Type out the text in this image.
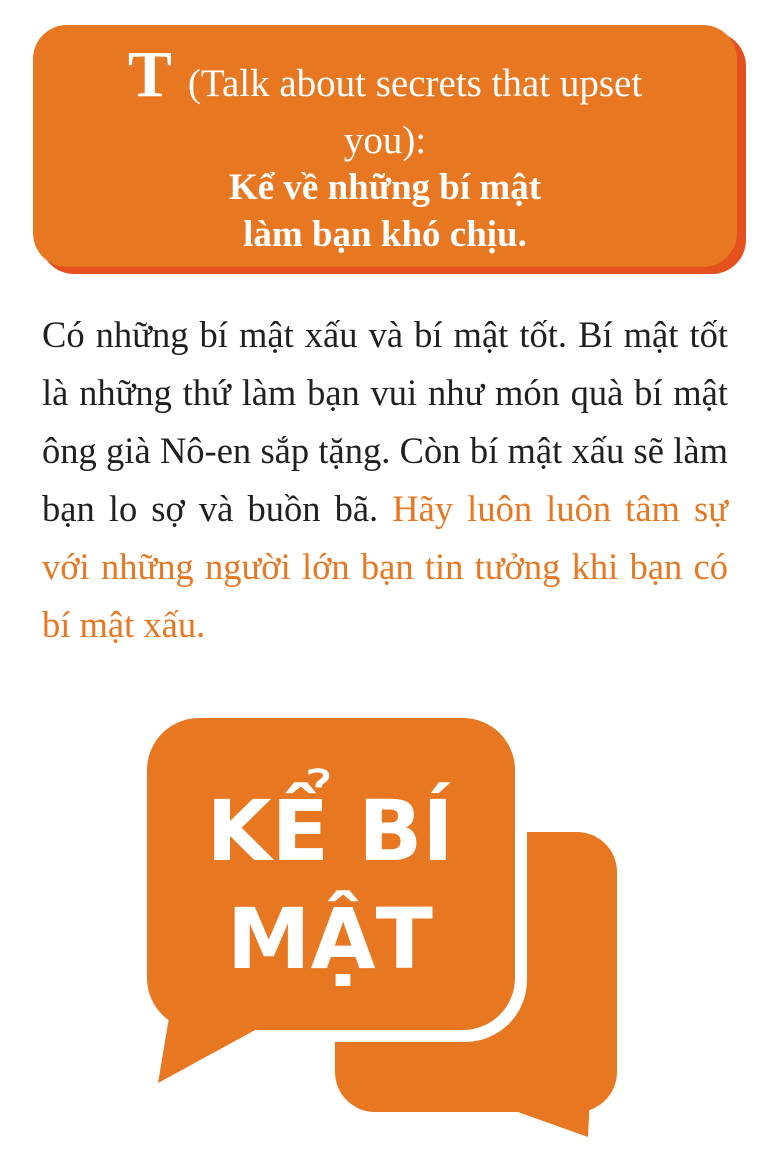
T (Talk about secrets that upset
you):
Kể về những bí mật
làm bạn khó chịu.
Có những bí mật xấu và bí mật tốt. Bí mật tốt là những thứ làm bạn vui như món quà bí mật ông già Nô-en sắp tặng. Còn bí mật xấu sẽ làm bạn lo sợ và buồn bã. Hãy luôn luôn tâm sự với những người lớn bạn tin tưởng khi bạn có bí mật xấu.
KỂ BÍ
MẬT
